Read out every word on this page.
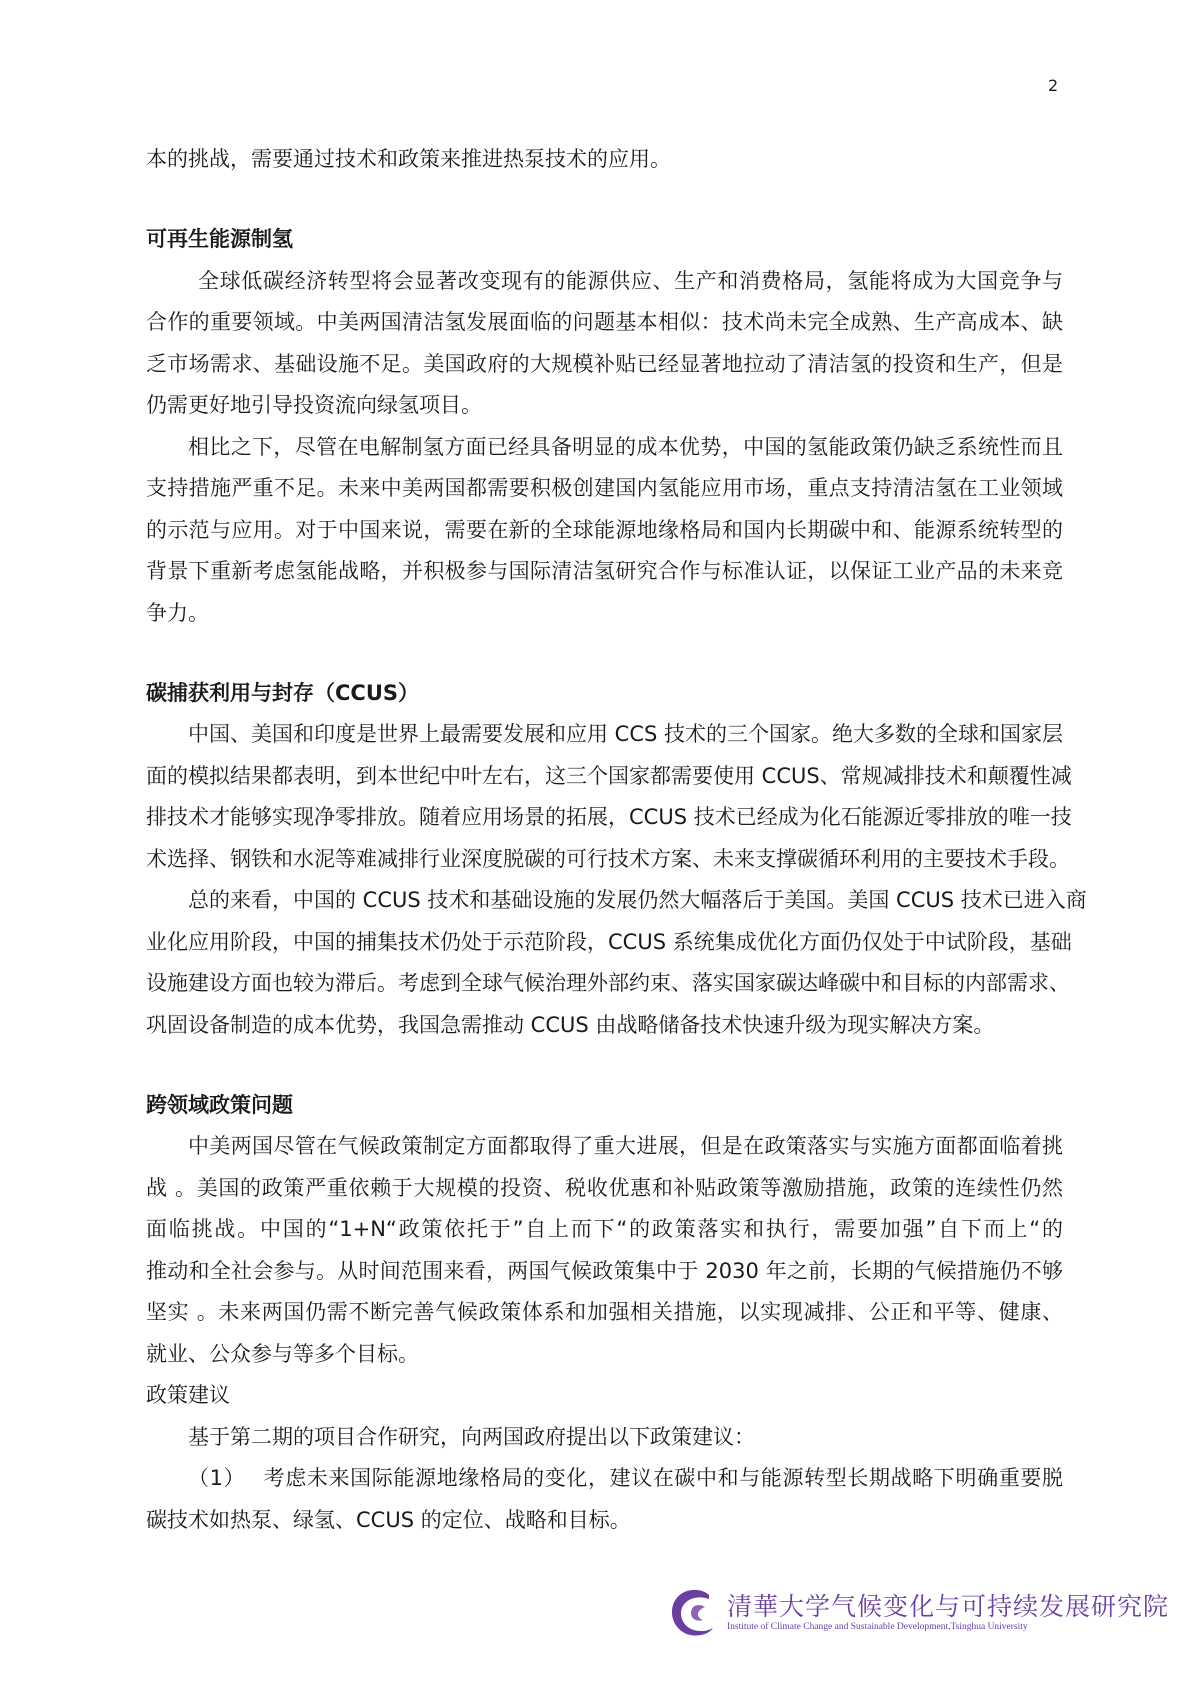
2
本的挑战，需要通过技术和政策来推进热泵技术的应用。
可再生能源制氢
全球低碳经济转型将会显著改变现有的能源供应、生产和消费格局，氢能将成为大国竞争与
合作的重要领域。中美两国清洁氢发展面临的问题基本相似：技术尚未完全成熟、生产高成本、缺
乏市场需求、基础设施不足。美国政府的大规模补贴已经显著地拉动了清洁氢的投资和生产，但是
仍需更好地引导投资流向绿氢项目。
相比之下，尽管在电解制氢方面已经具备明显的成本优势，中国的氢能政策仍缺乏系统性而且
支持措施严重不足。未来中美两国都需要积极创建国内氢能应用市场，重点支持清洁氢在工业领域
的示范与应用。对于中国来说，需要在新的全球能源地缘格局和国内长期碳中和、能源系统转型的
背景下重新考虑氢能战略，并积极参与国际清洁氢研究合作与标准认证，以保证工业产品的未来竞
争力。
碳捕获利用与封存（CCUS）
中国、美国和印度是世界上最需要发展和应用 CCS 技术的三个国家。绝大多数的全球和国家层
面的模拟结果都表明，到本世纪中叶左右，这三个国家都需要使用 CCUS、常规减排技术和颠覆性减
排技术才能够实现净零排放。随着应用场景的拓展，CCUS 技术已经成为化石能源近零排放的唯一技
术选择、钢铁和水泥等难减排行业深度脱碳的可行技术方案、未来支撑碳循环利用的主要技术手段。
总的来看，中国的 CCUS 技术和基础设施的发展仍然大幅落后于美国。美国 CCUS 技术已进入商
业化应用阶段，中国的捕集技术仍处于示范阶段，CCUS 系统集成优化方面仍仅处于中试阶段，基础
设施建设方面也较为滞后。考虑到全球气候治理外部约束、落实国家碳达峰碳中和目标的内部需求、
巩固设备制造的成本优势，我国急需推动 CCUS 由战略储备技术快速升级为现实解决方案。
跨领域政策问题
中美两国尽管在气候政策制定方面都取得了重大进展，但是在政策落实与实施方面都面临着挑
战 。美国的政策严重依赖于大规模的投资、税收优惠和补贴政策等激励措施，政策的连续性仍然
面临挑战。中国的“1+N“政策依托于”自上而下“的政策落实和执行，需要加强”自下而上“的
推动和全社会参与。从时间范围来看，两国气候政策集中于 2030 年之前，长期的气候措施仍不够
坚实 。未来两国仍需不断完善气候政策体系和加强相关措施，以实现减排、公正和平等、健康、
就业、公众参与等多个目标。
政策建议
基于第二期的项目合作研究，向两国政府提出以下政策建议：
（1）　 考虑未来国际能源地缘格局的变化，建议在碳中和与能源转型长期战略下明确重要脱
碳技术如热泵、绿氢、CCUS 的定位、战略和目标。
清華大学气候变化与可持续发展研究院
Institute of Climate Change and Sustainable Development,Tsinghua University
